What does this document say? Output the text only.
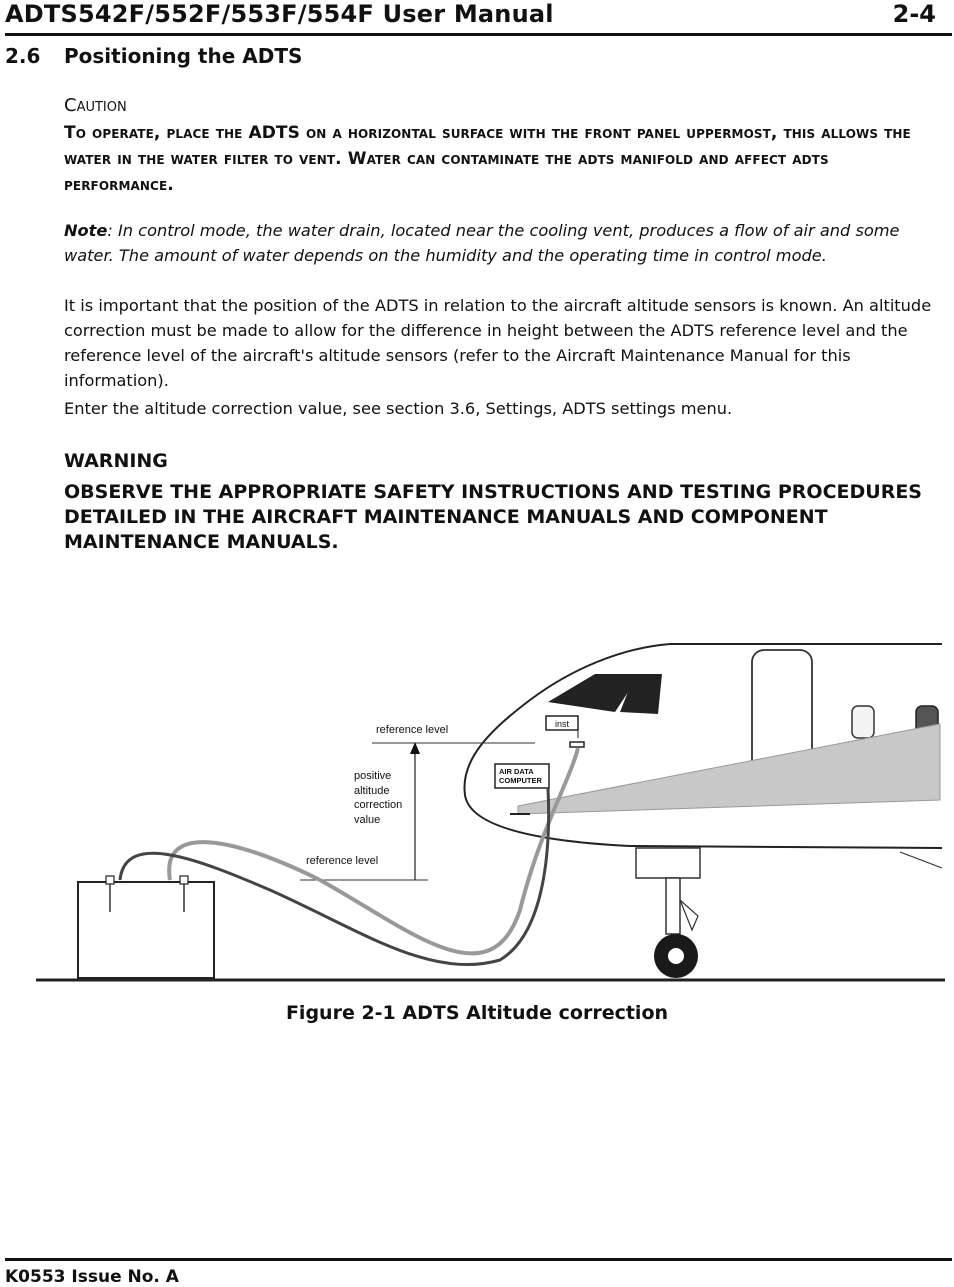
ADTS542F/552F/553F/554F User Manual	2-4
2.6 Positioning the ADTS
Caution
To operate, place the ADTS on a horizontal surface with the front panel uppermost, this allows the water in the water filter to vent. Water can contaminate the adts manifold and affect adts performance.
Note: In control mode, the water drain, located near the cooling vent, produces a flow of air and some water. The amount of water depends on the humidity and the operating time in control mode.
It is important that the position of the ADTS in relation to the aircraft altitude sensors is known. An altitude correction must be made to allow for the difference in height between the ADTS reference level and the reference level of the aircraft's altitude sensors (refer to the Aircraft Maintenance Manual for this information).
Enter the altitude correction value, see section 3.6, Settings, ADTS settings menu.
WARNING
OBSERVE THE APPROPRIATE SAFETY INSTRUCTIONS AND TESTING PROCEDURES DETAILED IN THE AIRCRAFT MAINTENANCE MANUALS AND COMPONENT MAINTENANCE MANUALS.
inst
AIR DATA
COMPUTER
reference level
reference level
positive
altitude
correction
value
Figure 2-1 ADTS Altitude correction
K0553 Issue No. A
